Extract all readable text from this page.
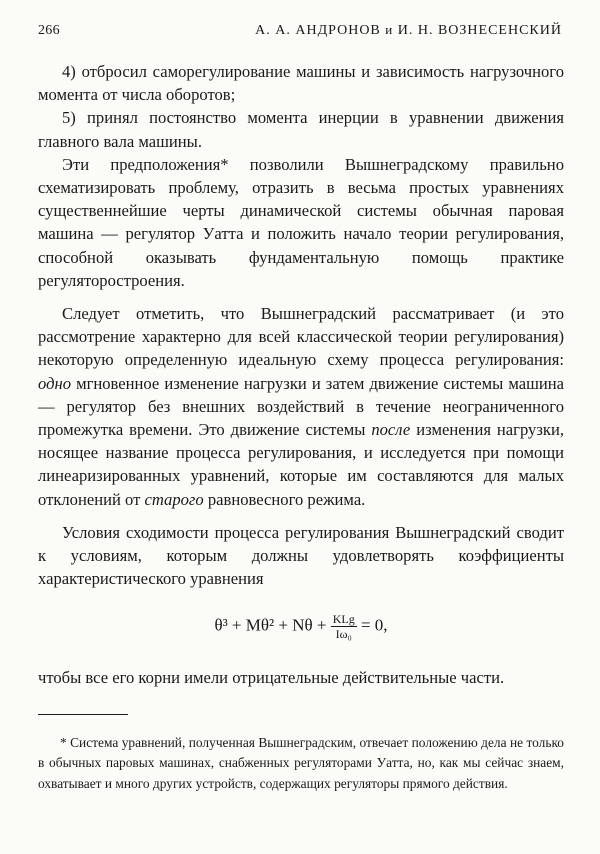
266	А. А. АНДРОНОВ и И. Н. ВОЗНЕСЕНСКИЙ

4) отбросил саморегулирование машины и зависимость нагрузочного момента от числа оборотов;

5) принял постоянство момента инерции в уравнении движения главного вала машины.

Эти предположения* позволили Вышнеградскому правильно схематизировать проблему, отразить в весьма простых уравнениях существеннейшие черты динамической системы обычная паровая машина — регулятор Уатта и положить начало теории регулирования, способной оказывать фундаментальную помощь практике регуляторостроения.

Следует отметить, что Вышнеградский рассматривает (и это рассмотрение характерно для всей классической теории регулирования) некоторую определенную идеальную схему процесса регулирования: одно мгновенное изменение нагрузки и затем движение системы машина — регулятор без внешних воздействий в течение неограниченного промежутка времени. Это движение системы после изменения нагрузки, носящее название процесса регулирования, и исследуется при помощи линеаризированных уравнений, которые им составляются для малых отклонений от старого равновесного режима.

Условия сходимости процесса регулирования Вышнеградский сводит к условиям, которым должны удовлетворять коэффициенты характеристического уравнения

$\theta^3 + M\theta^2 + N\theta + \frac{\text{KLg}}{\text{Iω₀}} = 0$,

чтобы все его корни имели отрицательные действительные части.

* Система уравнений, полученная Вышнеградским, отвечает положению дела не только в обычных паровых машинах, снабженных регуляторами Уатта, но, как мы сейчас знаем, охватывает и много других устройств, содержащих регуляторы прямого действия.
